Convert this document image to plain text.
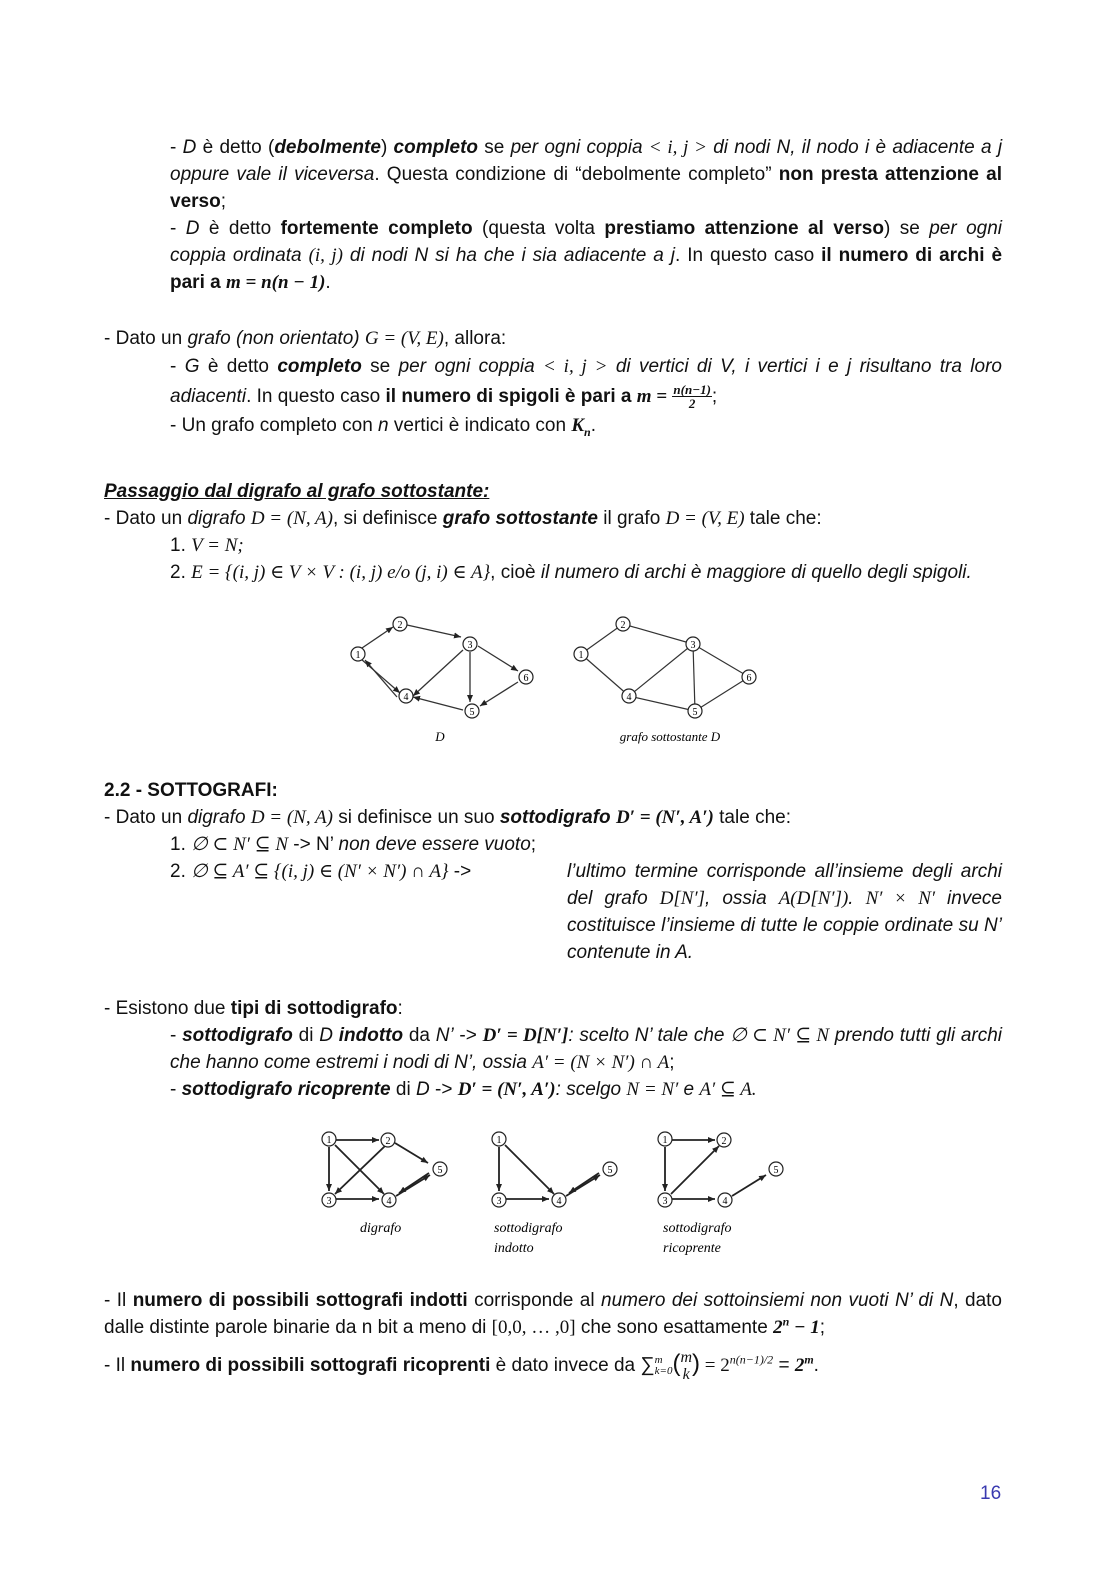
- D è detto (debolmente) completo se per ogni coppia < i, j > di nodi N, il nodo i è adiacente a j oppure vale il viceversa. Questa condizione di “debolmente completo” non presta attenzione al verso;

- D è detto fortemente completo (questa volta prestiamo attenzione al verso) se per ogni coppia ordinata (i, j) di nodi N si ha che i sia adiacente a j. In questo caso il numero di archi è pari a m = n(n − 1).

- Dato un grafo (non orientato) G = (V, E), allora:

- G è detto completo se per ogni coppia < i, j > di vertici di V, i vertici i e j risultano tra loro adiacenti. In questo caso il numero di spigoli è pari a $m = \frac{n(n-1)}{2}$ ;

- Un grafo completo con n vertici è indicato con $K_n$.

Passaggio dal digrafo al grafo sottostante:

- Dato un digrafo D = (N, A), si definisce grafo sottostante il grafo D = (V, E) tale che:

1. V = N;

2. E = {(i, j) ∈ V × V : (i, j) e/o (j, i) ∈ A}, cioè il numero di archi è maggiore di quello degli spigoli.

1
2
3
4
5
6
1
2
3
4
5
6
D	grafo sottostante D

2.2 - SOTTOGRAFI:

- Dato un digrafo D = (N, A) si definisce un suo sottodigrafo D′ = (N′, A′) tale che:

1. ∅ ⊂ N′ ⊆ N -> N’ non deve essere vuoto;

2. ∅ ⊆ A′ ⊆ {(i, j) ∈ (N′ × N′) ∩ A} ->	l’ultimo termine corrisponde all’insieme degli archi del grafo D[N′], ossia A(D[N′]). N′ × N′ invece costituisce l’insieme di tutte le coppie ordinate su N’ contenute in A.

- Esistono due tipi di sottodigrafo:

- sottodigrafo di D indotto da N’ -> D′ = D[N′]: scelto N’ tale che ∅ ⊂ N′ ⊆ N prendo tutti gli archi che hanno come estremi i nodi di N’, ossia A′ = (N × N′) ∩ A;

- sottodigrafo ricoprente di D -> D′ = (N′, A′): scelgo N = N′ e A′ ⊆ A.

1	2
3	4
5
1
3	4
5
1	2
3	4
5
digrafo	sottodigrafo
indotto
sottodigrafo
ricoprente

- Il numero di possibili sottografi indotti corrisponde al numero dei sottoinsiemi non vuoti N’ di N, dato dalle distinte parole binarie da n bit a meno di [0,0, … ,0] che sono esattamente $2^n - 1$;

- Il numero di possibili sottografi ricoprenti è dato invece da ∑ m
k=0 ( m
k ) = $2^{n(n-1)/2} = 2^m$.

16
